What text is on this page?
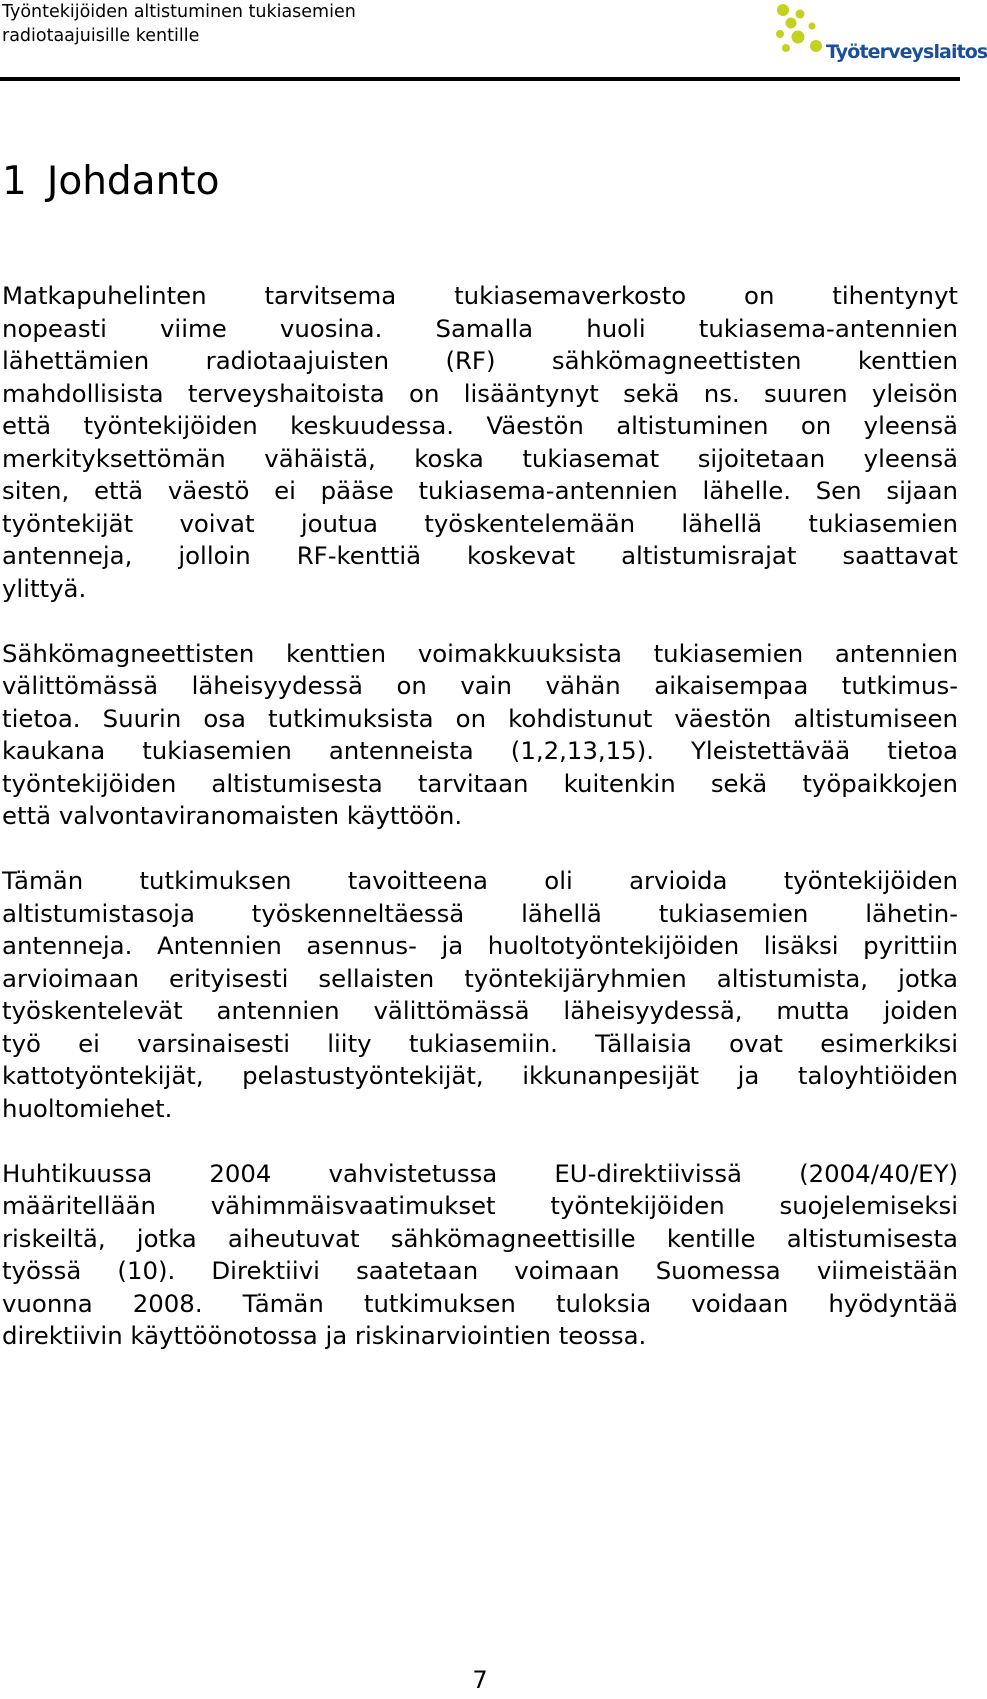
Työntekijöiden altistuminen tukiasemien
radiotaajuisille kentille
Työterveyslaitos
1 Johdanto

Matkapuhelinten tarvitsema tukiasemaverkosto on tihentynyt
nopeasti viime vuosina. Samalla huoli tukiasema-antennien
lähettämien radiotaajuisten (RF) sähkömagneettisten kenttien
mahdollisista terveyshaitoista on lisääntynyt sekä ns. suuren yleisön
että työntekijöiden keskuudessa. Väestön altistuminen on yleensä
merkityksettömän vähäistä, koska tukiasemat sijoitetaan yleensä
siten, että väestö ei pääse tukiasema-antennien lähelle. Sen sijaan
työntekijät voivat joutua työskentelemään lähellä tukiasemien
antenneja, jolloin RF-kenttiä koskevat altistumisrajat saattavat
ylittyä.

Sähkömagneettisten kenttien voimakkuuksista tukiasemien antennien
välittömässä läheisyydessä on vain vähän aikaisempaa tutkimus-
tietoa. Suurin osa tutkimuksista on kohdistunut väestön altistumiseen
kaukana tukiasemien antenneista (1,2,13,15). Yleistettävää tietoa
työntekijöiden altistumisesta tarvitaan kuitenkin sekä työpaikkojen
että valvontaviranomaisten käyttöön.

Tämän tutkimuksen tavoitteena oli arvioida työntekijöiden
altistumistasoja työskenneltäessä lähellä tukiasemien lähetin-
antenneja. Antennien asennus- ja huoltotyöntekijöiden lisäksi pyrittiin
arvioimaan erityisesti sellaisten työntekijäryhmien altistumista, jotka
työskentelevät antennien välittömässä läheisyydessä, mutta joiden
työ ei varsinaisesti liity tukiasemiin. Tällaisia ovat esimerkiksi
kattotyöntekijät, pelastustyöntekijät, ikkunanpesijät ja taloyhtiöiden
huoltomiehet.

Huhtikuussa 2004 vahvistetussa EU-direktiivissä (2004/40/EY)
määritellään vähimmäisvaatimukset työntekijöiden suojelemiseksi
riskeiltä, jotka aiheutuvat sähkömagneettisille kentille altistumisesta
työssä (10). Direktiivi saatetaan voimaan Suomessa viimeistään
vuonna 2008. Tämän tutkimuksen tuloksia voidaan hyödyntää
direktiivin käyttöönotossa ja riskinarviointien teossa.

7
